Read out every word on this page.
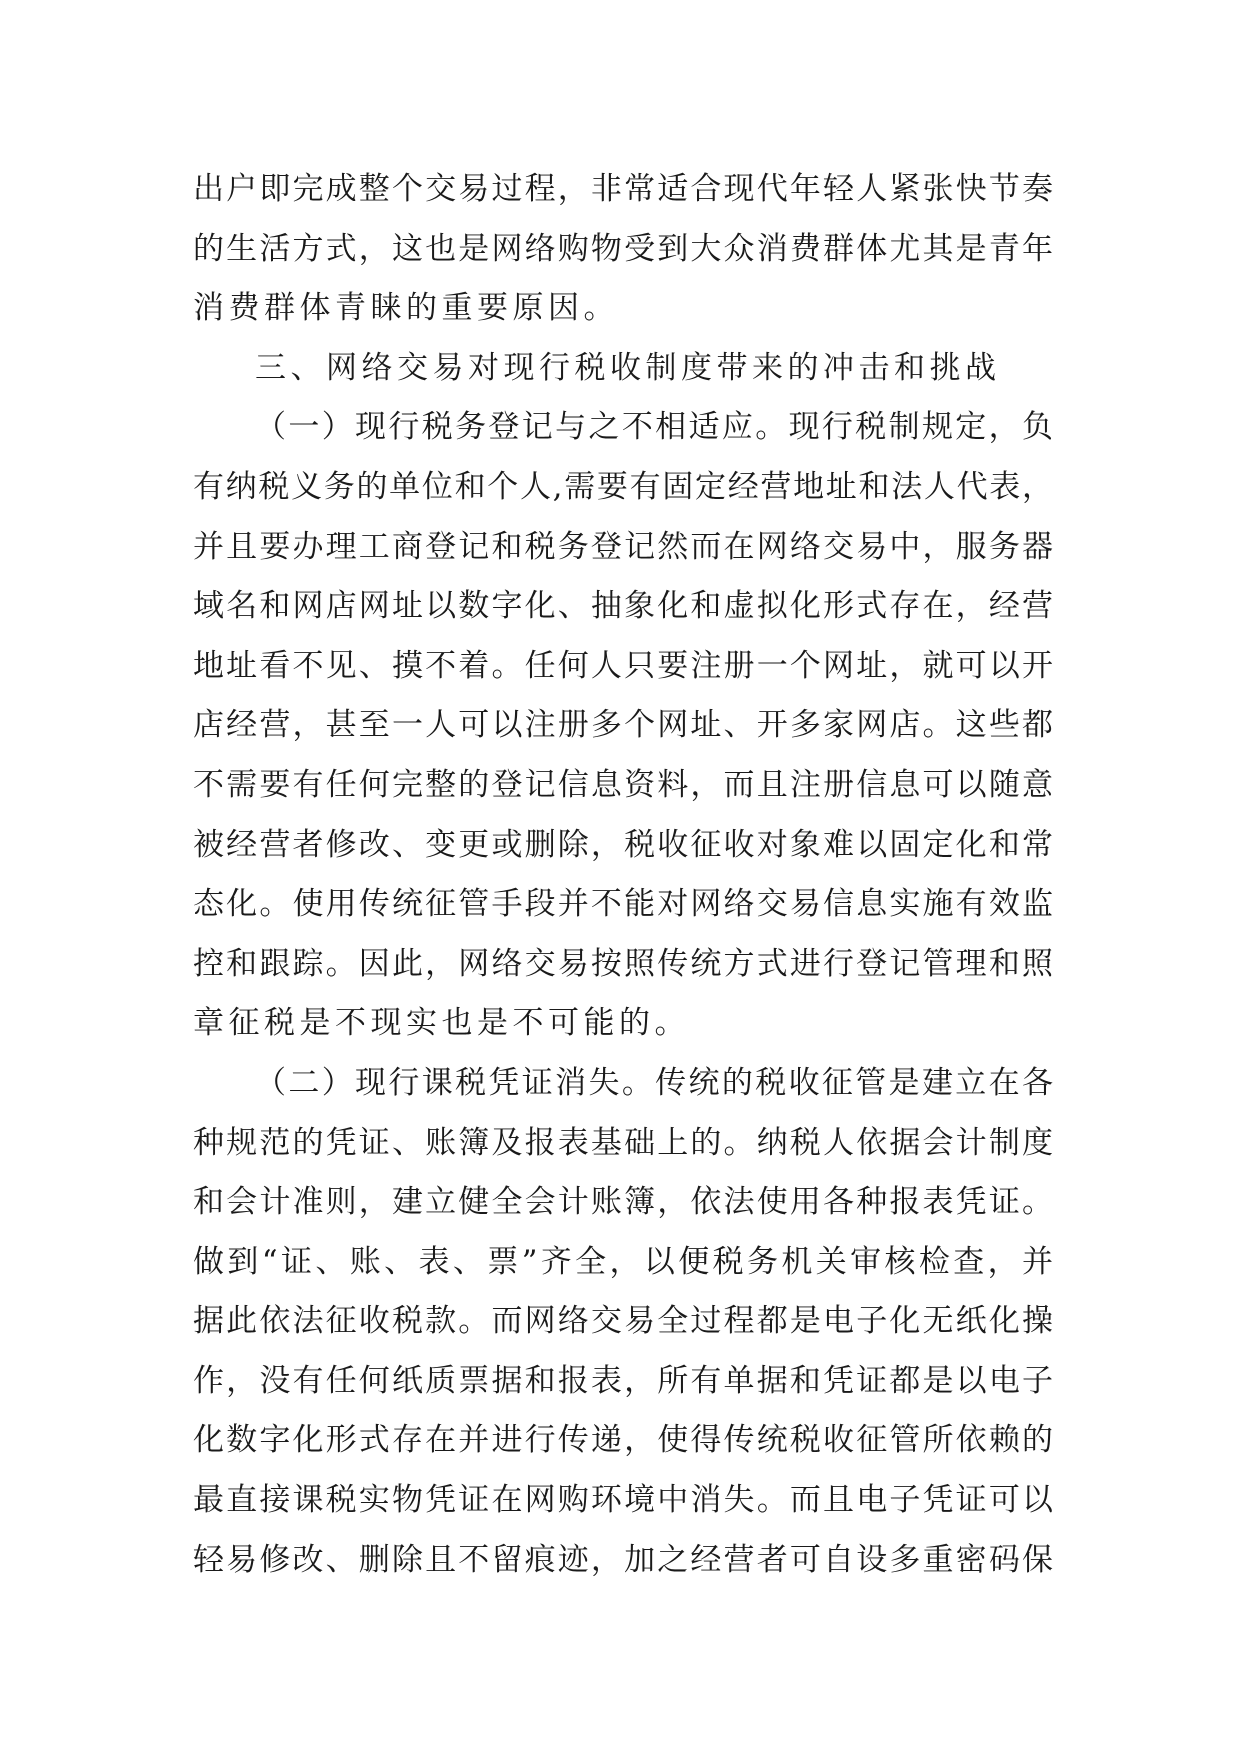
出户即完成整个交易过程，非常适合现代年轻人紧张快节奏
的生活方式，这也是网络购物受到大众消费群体尤其是青年
消费群体青睐的重要原因。
三、网络交易对现行税收制度带来的冲击和挑战
（一）现行税务登记与之不相适应。现行税制规定，负
有纳税义务的单位和个人,需要有固定经营地址和法人代表，
并且要办理工商登记和税务登记然而在网络交易中，服务器
域名和网店网址以数字化、抽象化和虚拟化形式存在，经营
地址看不见、摸不着。任何人只要注册一个网址，就可以开
店经营，甚至一人可以注册多个网址、开多家网店。这些都
不需要有任何完整的登记信息资料，而且注册信息可以随意
被经营者修改、变更或删除，税收征收对象难以固定化和常
态化。使用传统征管手段并不能对网络交易信息实施有效监
控和跟踪。因此，网络交易按照传统方式进行登记管理和照
章征税是不现实也是不可能的。
（二）现行课税凭证消失。传统的税收征管是建立在各
种规范的凭证、账簿及报表基础上的。纳税人依据会计制度
和会计准则，建立健全会计账簿，依法使用各种报表凭证。
做到“证、账、表、票”齐全，以便税务机关审核检查，并
据此依法征收税款。而网络交易全过程都是电子化无纸化操
作，没有任何纸质票据和报表，所有单据和凭证都是以电子
化数字化形式存在并进行传递，使得传统税收征管所依赖的
最直接课税实物凭证在网购环境中消失。而且电子凭证可以
轻易修改、删除且不留痕迹，加之经营者可自设多重密码保
